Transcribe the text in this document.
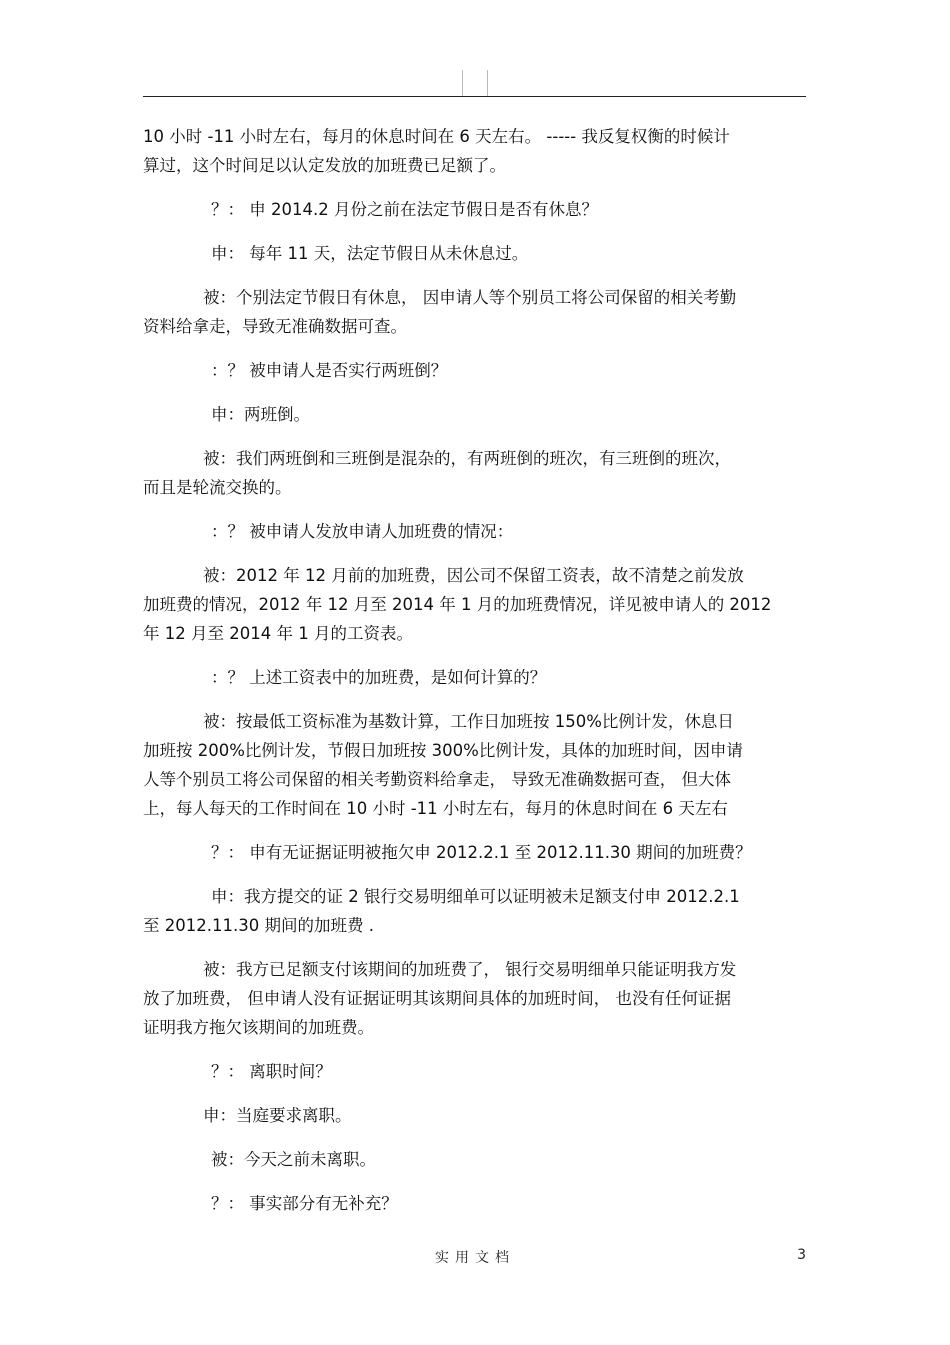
10 小时 -11 小时左右，每月的休息时间在 6 天左右。 ----- 我反复权衡的时候计
算过，这个时间足以认定发放的加班费已足额了。

？： 申 2014.2 月份之前在法定节假日是否有休息？

申： 每年 11 天，法定节假日从未休息过。

被：个别法定节假日有休息， 因申请人等个别员工将公司保留的相关考勤
资料给拿走，导致无准确数据可查。

：？ 被申请人是否实行两班倒？

申：两班倒。

被：我们两班倒和三班倒是混杂的，有两班倒的班次，有三班倒的班次，
而且是轮流交换的。

：？ 被申请人发放申请人加班费的情况：

被：2012 年 12 月前的加班费，因公司不保留工资表，故不清楚之前发放
加班费的情况，2012 年 12 月至 2014 年 1 月的加班费情况，详见被申请人的 2012
年 12 月至 2014 年 1 月的工资表。

：？ 上述工资表中的加班费，是如何计算的？

被：按最低工资标准为基数计算，工作日加班按 150%比例计发，休息日
加班按 200%比例计发，节假日加班按 300%比例计发，具体的加班时间，因申请
人等个别员工将公司保留的相关考勤资料给拿走， 导致无准确数据可查， 但大体
上，每人每天的工作时间在 10 小时 -11 小时左右，每月的休息时间在 6 天左右

？： 申有无证据证明被拖欠申 2012.2.1 至 2012.11.30 期间的加班费？

申：我方提交的证 2 银行交易明细单可以证明被未足额支付申 2012.2.1
至 2012.11.30 期间的加班费 .

被：我方已足额支付该期间的加班费了， 银行交易明细单只能证明我方发
放了加班费， 但申请人没有证据证明其该期间具体的加班时间， 也没有任何证据
证明我方拖欠该期间的加班费。

？： 离职时间？

申：当庭要求离职。

被：今天之前未离职。

？： 事实部分有无补充？

实用文档	3
